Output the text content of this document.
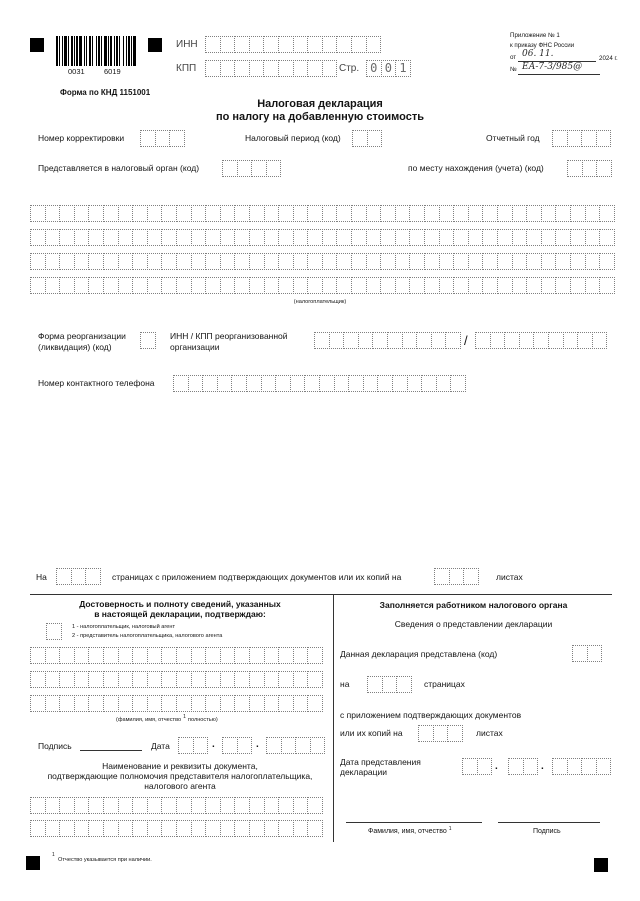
0031	6019
ИНН
КПП	Стр. 0 0 1
Приложение № 1
к приказу ФНС России
от 06. 11.	2024 г.
№ ЕА-7-3/985@
Форма по КНД 1151001
Налоговая декларация
по налогу на добавленную стоимость
Номер корректировки	Налоговый период (код)	Отчетный год
Представляется в налоговый орган (код)	по месту нахождения (учета) (код)
(налогоплательщик)
Форма реорганизации
(ликвидация) (код)
ИНН / КПП реорганизованной
организации	/
Номер контактного телефона
На	страницах с приложением подтверждающих документов или их копий на	листах
Достоверность и полноту сведений, указанных
в настоящей декларации, подтверждаю:
1 - налогоплательщик, налоговый агент
2 - представитель налогоплательщика, налогового агента
(фамилия, имя, отчество 1 полностью)
Подпись	Дата	.	.
Наименование и реквизиты документа,
подтверждающие полномочия представителя налогоплательщика,
налогового агента
Заполняется работником налогового органа
Сведения о представлении декларации
Данная декларация представлена (код)
на	страницах
с приложением подтверждающих документов
или их копий на	листах
Дата представления
декларации	.	.
Фамилия, имя, отчество $^1$	Подпись
1
Отчество указывается при наличии.
